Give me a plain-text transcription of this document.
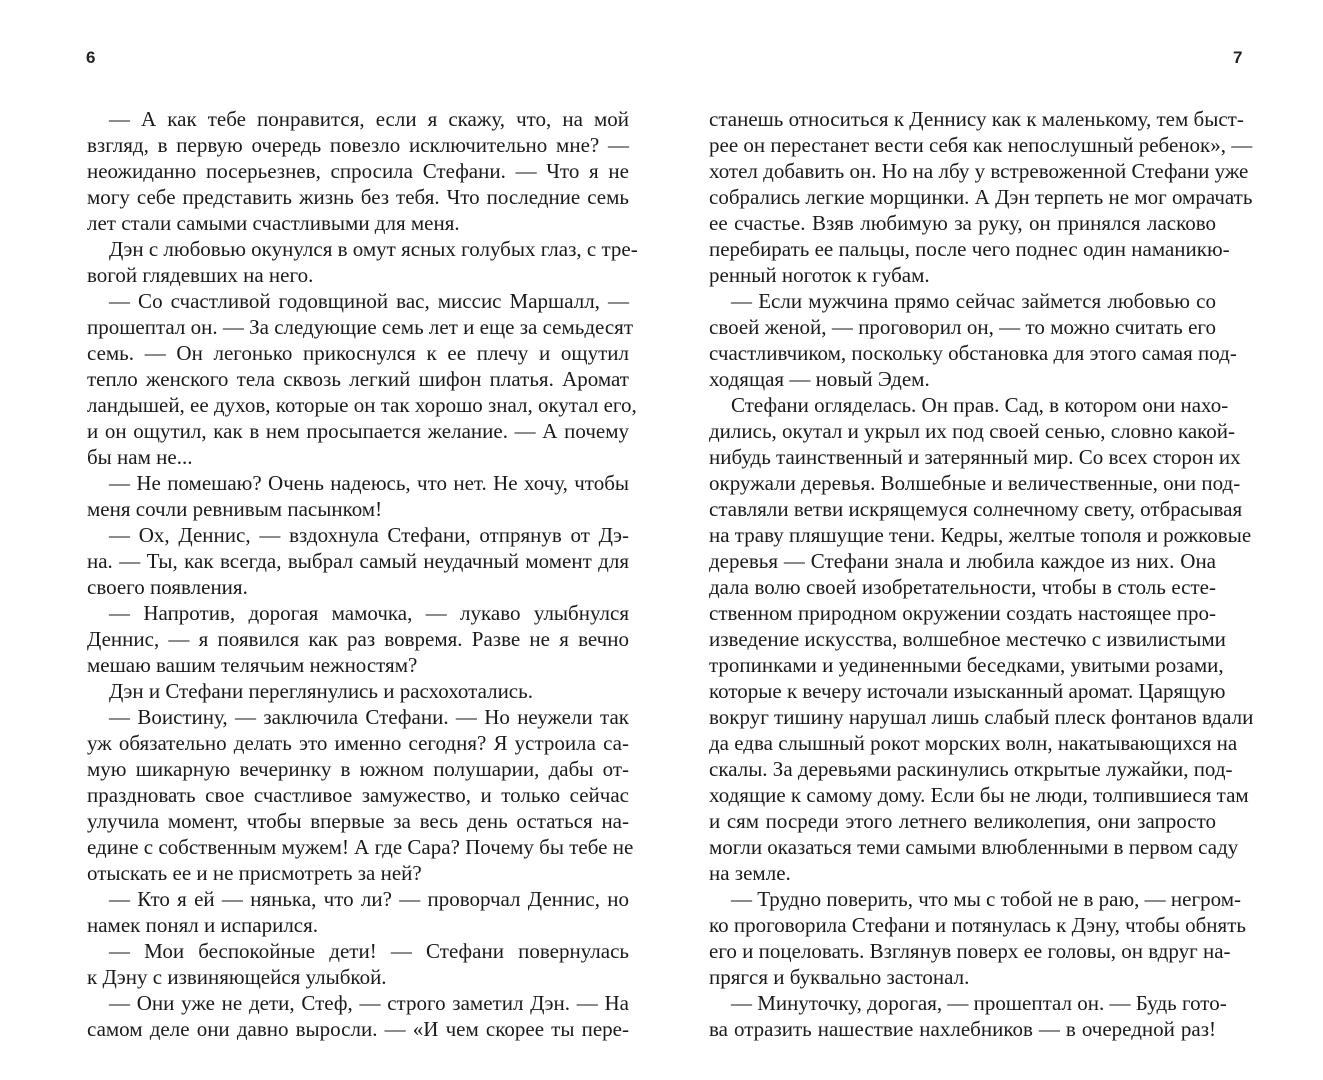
6	7
— А как тебе понравится, если я скажу, что, на мой
взгляд, в первую очередь повезло исключительно мне? —
неожиданно посерьезнев, спросила Стефани. — Что я не
могу себе представить жизнь без тебя. Что последние семь
лет стали самыми счастливыми для меня.
Дэн с любовью окунулся в омут ясных голубых глаз, с тре-
вогой глядевших на него.
— Со счастливой годовщиной вас, миссис Маршалл, —
прошептал он. — За следующие семь лет и еще за семьдесят
семь. — Он легонько прикоснулся к ее плечу и ощутил
тепло женского тела сквозь легкий шифон платья. Аромат
ландышей, ее духов, которые он так хорошо знал, окутал его,
и он ощутил, как в нем просыпается желание. — А почему
бы нам не...
— Не помешаю? Очень надеюсь, что нет. Не хочу, чтобы
меня сочли ревнивым пасынком!
— Ох, Деннис, — вздохнула Стефани, отпрянув от Дэ-
на. — Ты, как всегда, выбрал самый неудачный момент для
своего появления.
— Напротив, дорогая мамочка, — лукаво улыбнулся
Деннис, — я появился как раз вовремя. Разве не я вечно
мешаю вашим телячьим нежностям?
Дэн и Стефани переглянулись и расхохотались.
— Воистину, — заключила Стефани. — Но неужели так
уж обязательно делать это именно сегодня? Я устроила са-
мую шикарную вечеринку в южном полушарии, дабы от-
праздновать свое счастливое замужество, и только сейчас
улучила момент, чтобы впервые за весь день остаться на-
едине с собственным мужем! А где Сара? Почему бы тебе не
отыскать ее и не присмотреть за ней?
— Кто я ей — нянька, что ли? — проворчал Деннис, но
намек понял и испарился.
— Мои беспокойные дети! — Стефани повернулась
к Дэну с извиняющейся улыбкой.
— Они уже не дети, Стеф, — строго заметил Дэн. — На
самом деле они давно выросли. — «И чем скорее ты пере-
станешь относиться к Деннису как к маленькому, тем быст-
рее он перестанет вести себя как непослушный ребенок», —
хотел добавить он. Но на лбу у встревоженной Стефани уже
собрались легкие морщинки. А Дэн терпеть не мог омрачать
ее счастье. Взяв любимую за руку, он принялся ласково
перебирать ее пальцы, после чего поднес один наманикю-
ренный ноготок к губам.
— Если мужчина прямо сейчас займется любовью со
своей женой, — проговорил он, — то можно считать его
счастливчиком, поскольку обстановка для этого самая под-
ходящая — новый Эдем.
Стефани огляделась. Он прав. Сад, в котором они нахо-
дились, окутал и укрыл их под своей сенью, словно какой-
нибудь таинственный и затерянный мир. Со всех сторон их
окружали деревья. Волшебные и величественные, они под-
ставляли ветви искрящемуся солнечному свету, отбрасывая
на траву пляшущие тени. Кедры, желтые тополя и рожковые
деревья — Стефани знала и любила каждое из них. Она
дала волю своей изобретательности, чтобы в столь есте-
ственном природном окружении создать настоящее про-
изведение искусства, волшебное местечко с извилистыми
тропинками и уединенными беседками, увитыми розами,
которые к вечеру источали изысканный аромат. Царящую
вокруг тишину нарушал лишь слабый плеск фонтанов вдали
да едва слышный рокот морских волн, накатывающихся на
скалы. За деревьями раскинулись открытые лужайки, под-
ходящие к самому дому. Если бы не люди, толпившиеся там
и сям посреди этого летнего великолепия, они запросто
могли оказаться теми самыми влюбленными в первом саду
на земле.
— Трудно поверить, что мы с тобой не в раю, — негром-
ко проговорила Стефани и потянулась к Дэну, чтобы обнять
его и поцеловать. Взглянув поверх ее головы, он вдруг на-
прягся и буквально застонал.
— Минуточку, дорогая, — прошептал он. — Будь гото-
ва отразить нашествие нахлебников — в очередной раз!
